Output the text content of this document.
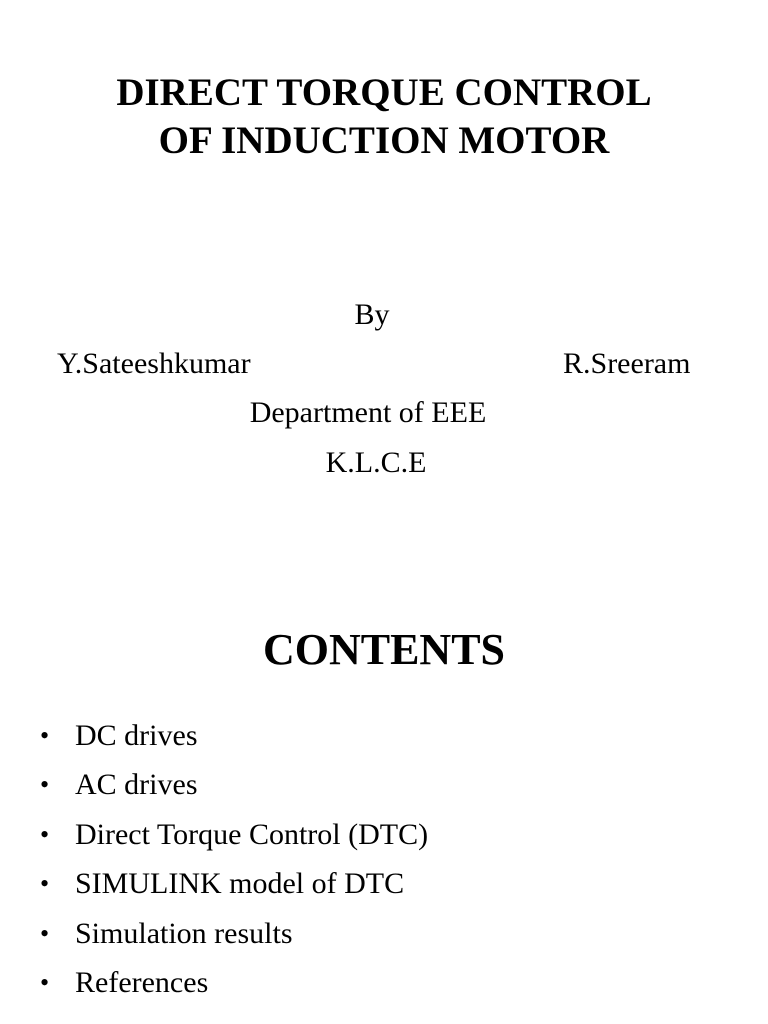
DIRECT TORQUE CONTROL
OF INDUCTION MOTOR
By
Y.Sateeshkumar	R.Sreeram
Department of EEE
K.L.C.E
CONTENTS
• DC drives
• AC drives
• Direct Torque Control (DTC)
• SIMULINK model of DTC
• Simulation results
• References
